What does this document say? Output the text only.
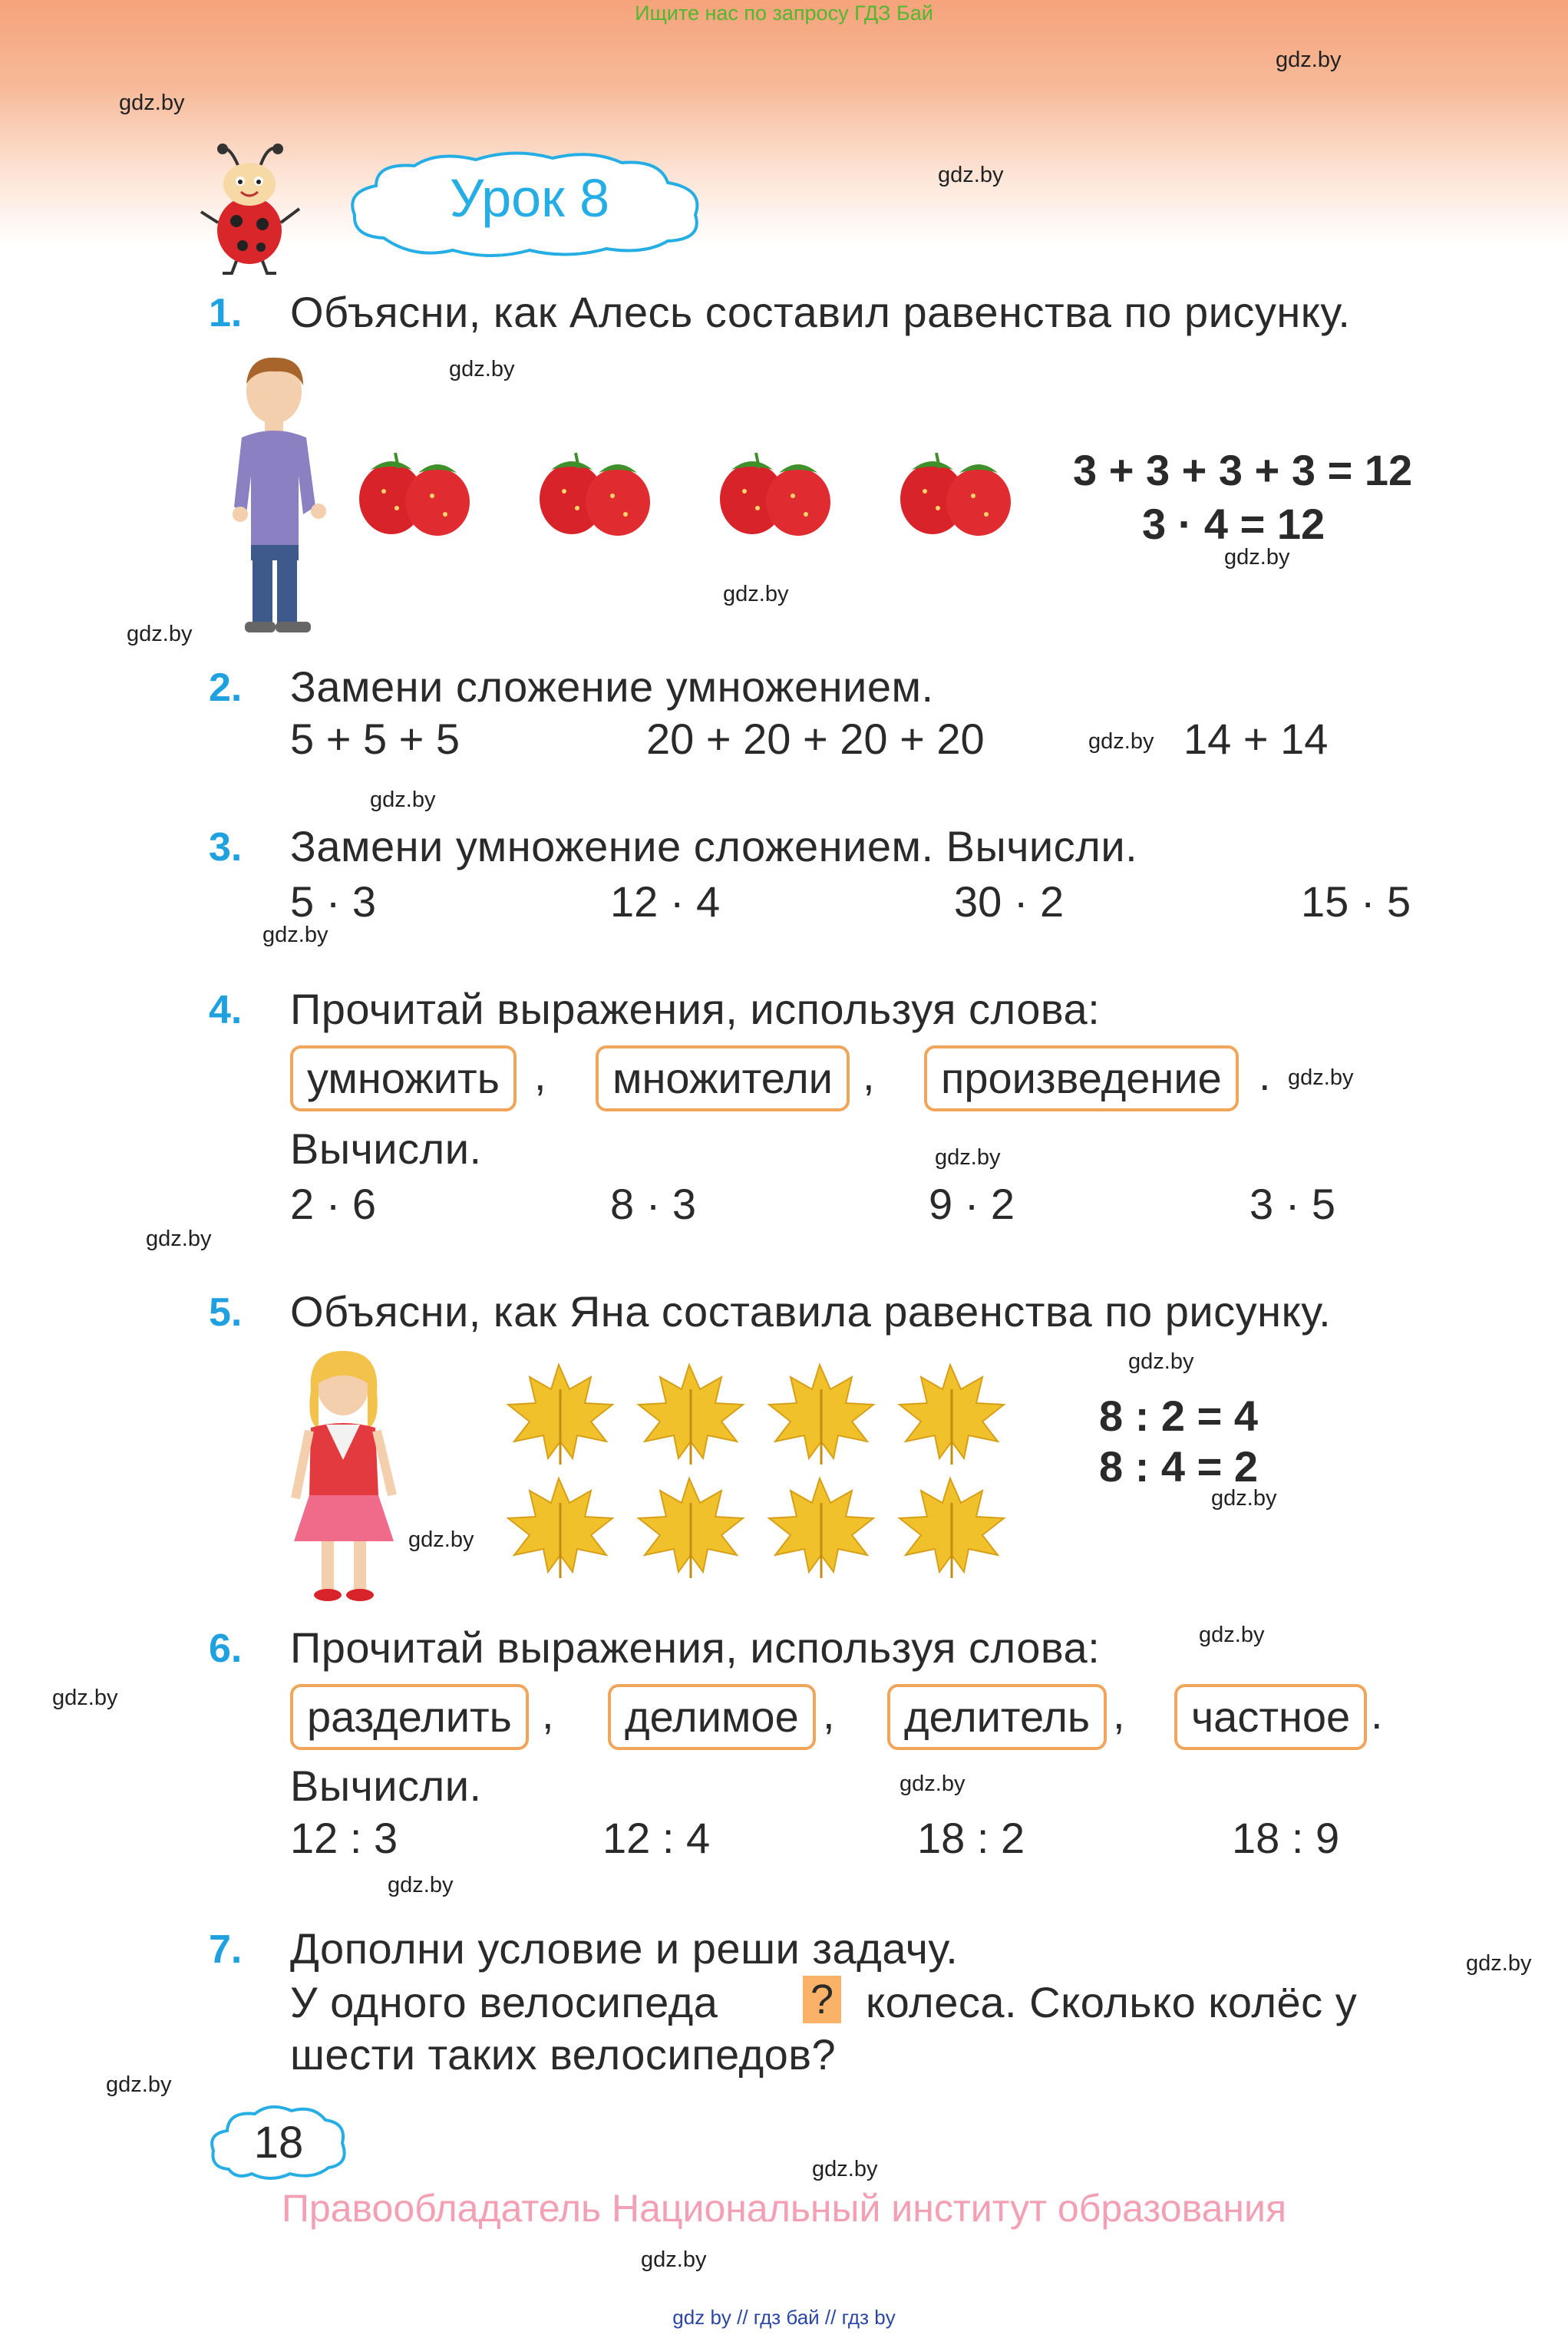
Ищите нас по запросу ГДЗ Бай
Урок 8
gdz.by
gdz.by
gdz.by
gdz.by
gdz.by
gdz.by
gdz.by
gdz.by
gdz.by
gdz.by
gdz.by
gdz.by
gdz.by
gdz.by
gdz.by
gdz.by
gdz.by
gdz.by
gdz.by
gdz.by
gdz.by
gdz.by
gdz.by
gdz.by
1. Объясни, как Алесь составил равенства по рисунку.
3 + 3 + 3 + 3 = 12
3 · 4 = 12
2. Замени сложение умножением.
5 + 5 + 5	20 + 20 + 20 + 20	14 + 14
3. Замени умножение сложением. Вычисли.
5 · 3	12 · 4	30 · 2	15 · 5
4. Прочитай выражения, используя слова:
умножить ,	множители ,	произведение .
Вычисли.
2 · 6	8 · 3	9 · 2	3 · 5
5. Объясни, как Яна составила равенства по рисунку.
8 : 2 = 4
8 : 4 = 2
6. Прочитай выражения, используя слова:
разделить ,	делимое ,	делитель ,	частное .
Вычисли.
12 : 3	12 : 4	18 : 2	18 : 9
7. Дополни условие и реши задачу.
У одного велосипеда ? колеса. Сколько колёс у
шести таких велосипедов?
18
Правообладатель Национальный институт образования
gdz by // гдз бай // гдз by
